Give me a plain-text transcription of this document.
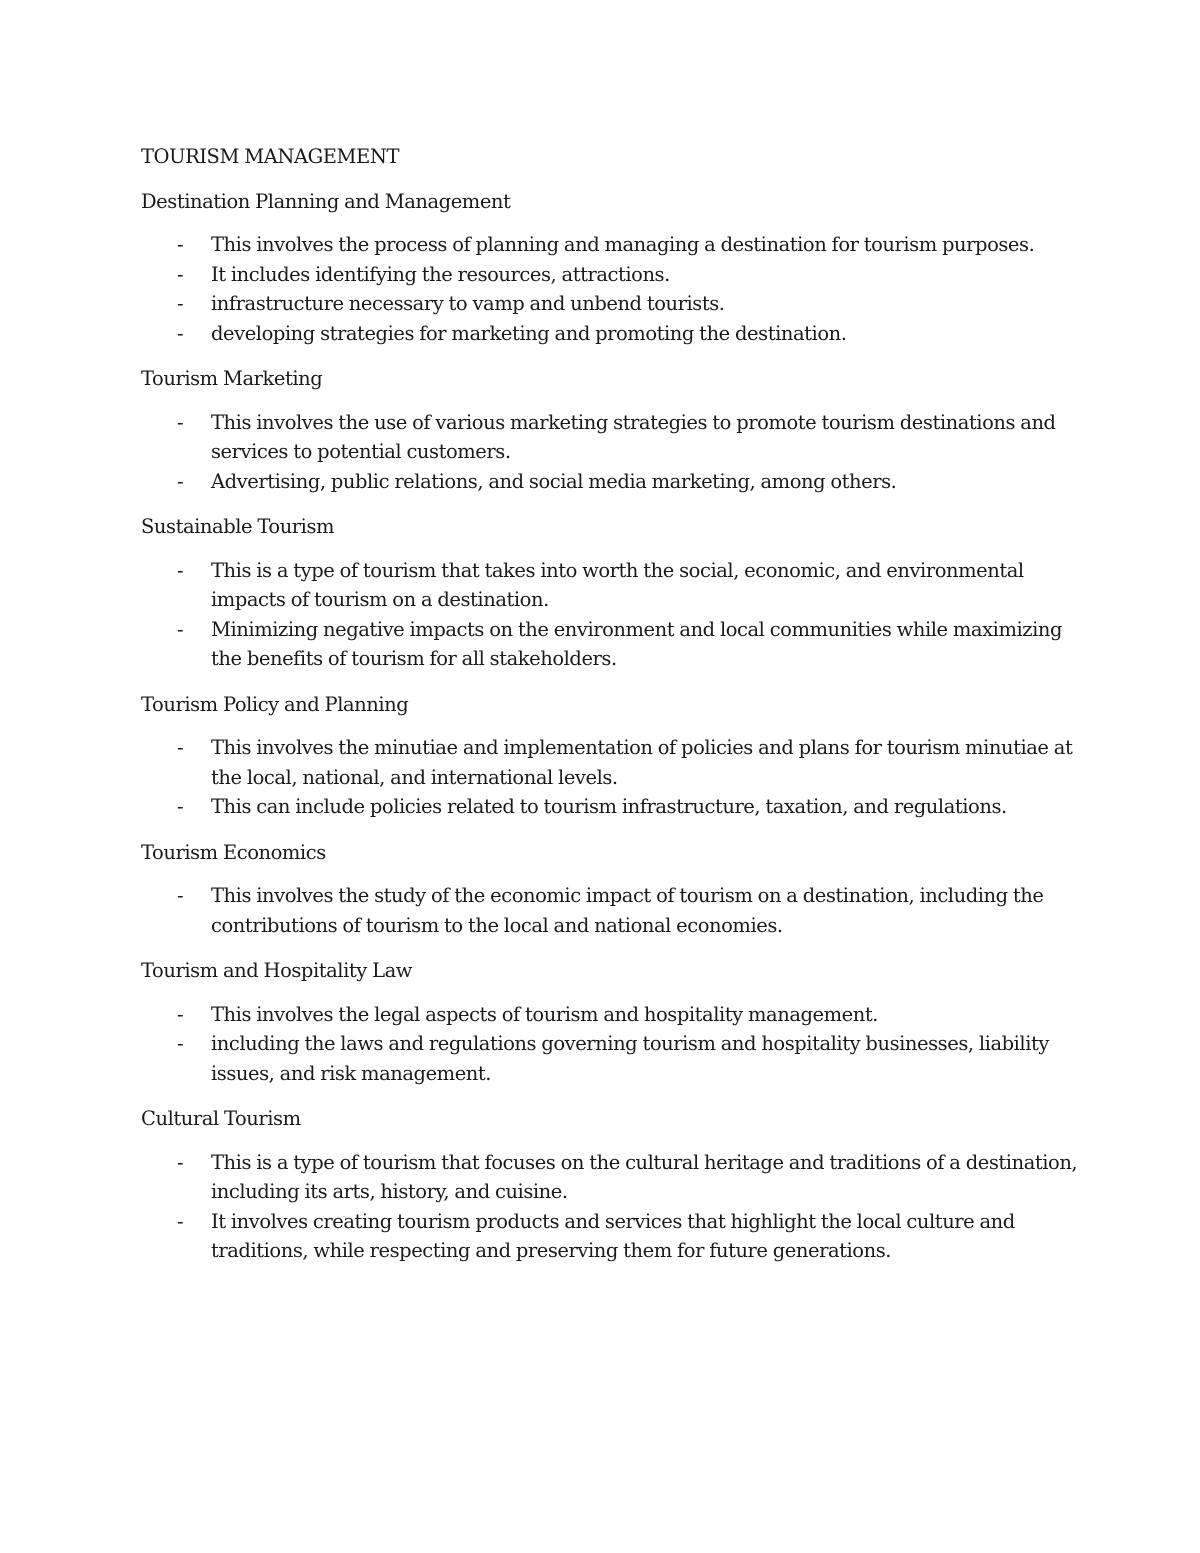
TOURISM MANAGEMENT

Destination Planning and Management

- This involves the process of planning and managing a destination for tourism purposes.
- It includes identifying the resources, attractions.
- infrastructure necessary to vamp and unbend tourists.
- developing strategies for marketing and promoting the destination.

Tourism Marketing

- This involves the use of various marketing strategies to promote tourism destinations and services to potential customers.
- Advertising, public relations, and social media marketing, among others.

Sustainable Tourism

- This is a type of tourism that takes into worth the social, economic, and environmental impacts of tourism on a destination.
- Minimizing negative impacts on the environment and local communities while maximizing the benefits of tourism for all stakeholders.

Tourism Policy and Planning

- This involves the minutiae and implementation of policies and plans for tourism minutiae at the local, national, and international levels.
- This can include policies related to tourism infrastructure, taxation, and regulations.

Tourism Economics

- This involves the study of the economic impact of tourism on a destination, including the contributions of tourism to the local and national economies.

Tourism and Hospitality Law

- This involves the legal aspects of tourism and hospitality management.
- including the laws and regulations governing tourism and hospitality businesses, liability issues, and risk management.

Cultural Tourism

- This is a type of tourism that focuses on the cultural heritage and traditions of a destination, including its arts, history, and cuisine.
- It involves creating tourism products and services that highlight the local culture and traditions, while respecting and preserving them for future generations.
